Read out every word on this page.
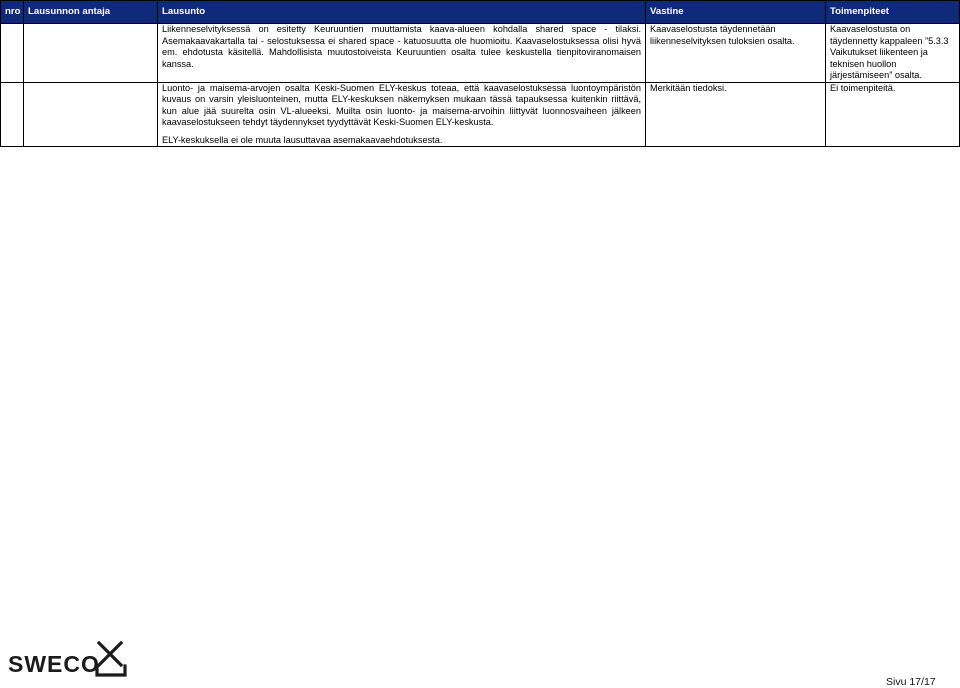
nro	Lausunnon antaja	Lausunto	Vastine	Toimenpiteet

		Liikenneselvityksessä on esitetty Keuruuntien muuttamista kaava-alueen kohdalla shared space - tilaksi. Asemakaavakartalla tai - selostuksessa ei shared space - katuosuutta ole huomioitu. Kaavaselostuksessa olisi hyvä em. ehdotusta käsitellä. Mahdollisista muutostoiveista Keuruuntien osalta tulee keskustella tienpitoviranomaisen kanssa.	Kaavaselostusta täydennetään liikenneselvityksen tuloksien osalta.	Kaavaselostusta on täydennetty kappaleen ”5.3.3 Vaikutukset liikenteen ja teknisen huollon järjestämiseen” osalta.

		Luonto- ja maisema-arvojen osalta Keski-Suomen ELY-keskus toteaa, että kaavaselostuksessa luontoympäristön kuvaus on varsin yleisluonteinen, mutta ELY-keskuksen näkemyksen mukaan tässä tapauksessa kuitenkin riittävä, kun alue jää suurelta osin VL-alueeksi. Muilta osin luonto- ja maisema-arvoihin liittyvät luonnosvaiheen jälkeen kaavaselostukseen tehdyt täydennykset tyydyttävät Keski-Suomen ELY-keskusta.

ELY-keskuksella ei ole muuta lausuttavaa asemakaavaehdotuksesta.	Merkitään tiedoksi.	Ei toimenpiteitä.

SWECO
Sivu 17/17
